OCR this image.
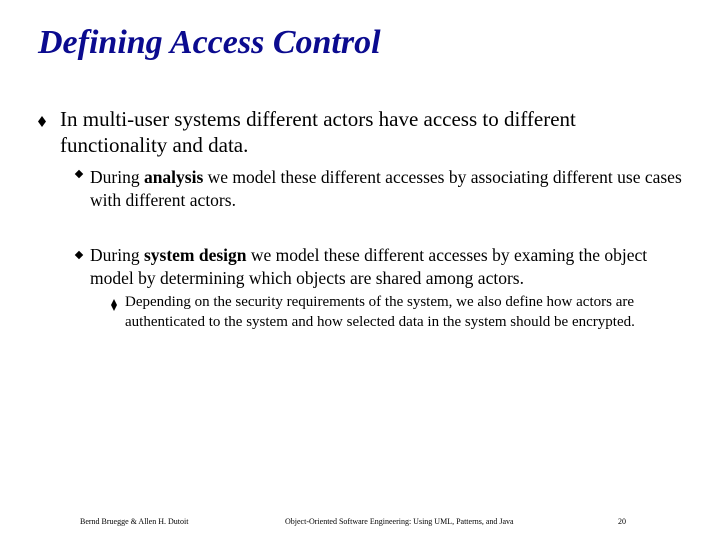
Defining Access Control
In multi-user systems different actors have access to different functionality and data.
During analysis we model these different accesses by associating different use cases with different actors.
During system design we model these different accesses by examing the object model by determining which objects are shared among actors.
Depending on the security requirements of the system, we also define how actors are authenticated to the system and how selected data in the system should be encrypted.
Bernd Bruegge & Allen H. Dutoit	Object-Oriented Software Engineering: Using UML, Patterns, and Java	20
